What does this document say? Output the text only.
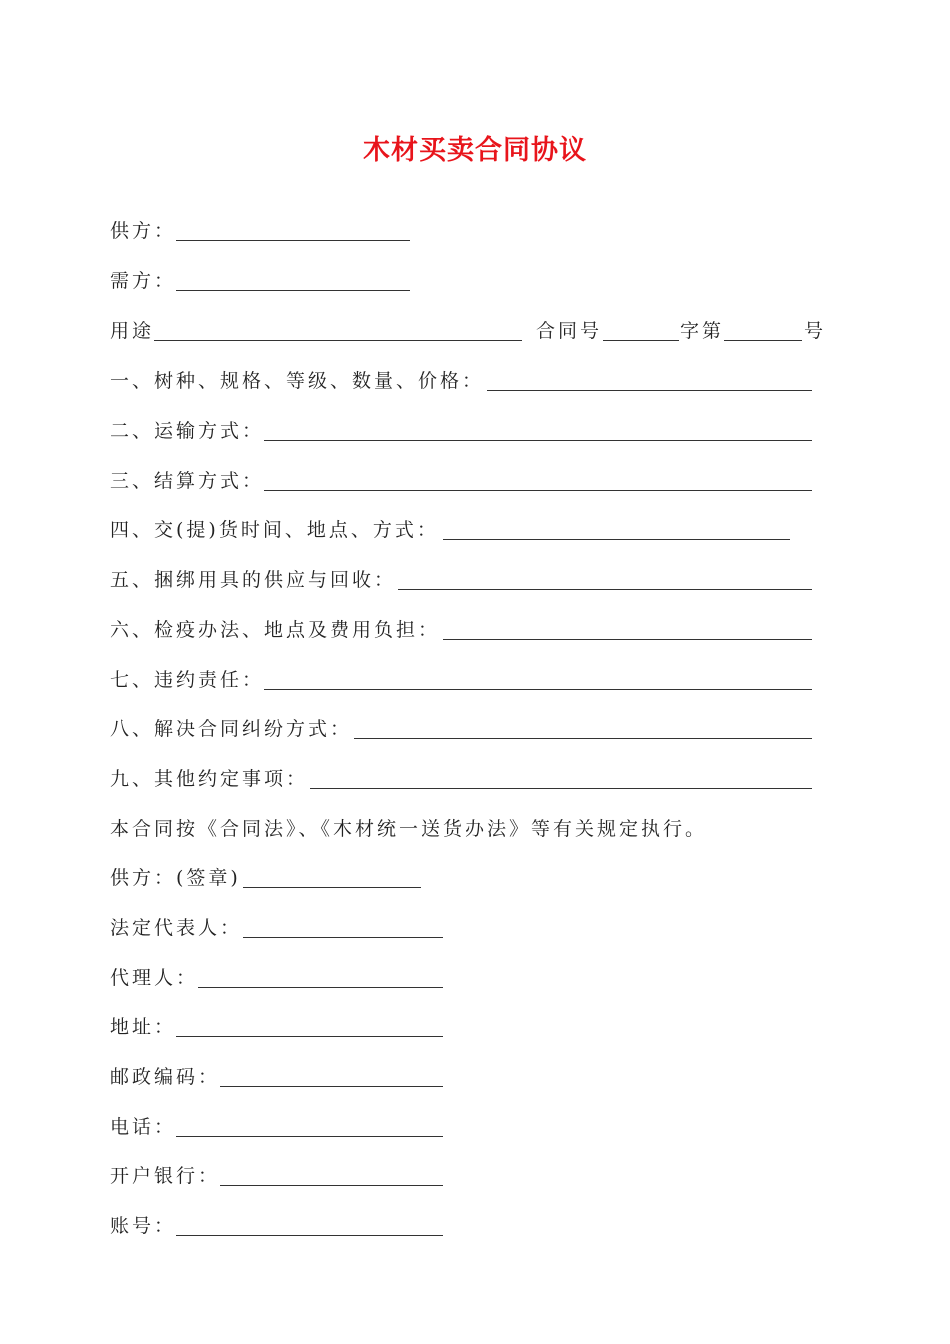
木材买卖合同协议
供方：
需方：
用途	合同号	字第	号
一、树种、规格、等级、数量、价格：
二、运输方式：
三、结算方式：
四、交(提)货时间、地点、方式：
五、捆绑用具的供应与回收：
六、检疫办法、地点及费用负担：
七、违约责任：
八、解决合同纠纷方式：
九、其他约定事项：
本合同按《合同法》、《木材统一送货办法》等有关规定执行。
供方：(签章)
法定代表人：
代理人：
地址：
邮政编码：
电话：
开户银行：
账号：
